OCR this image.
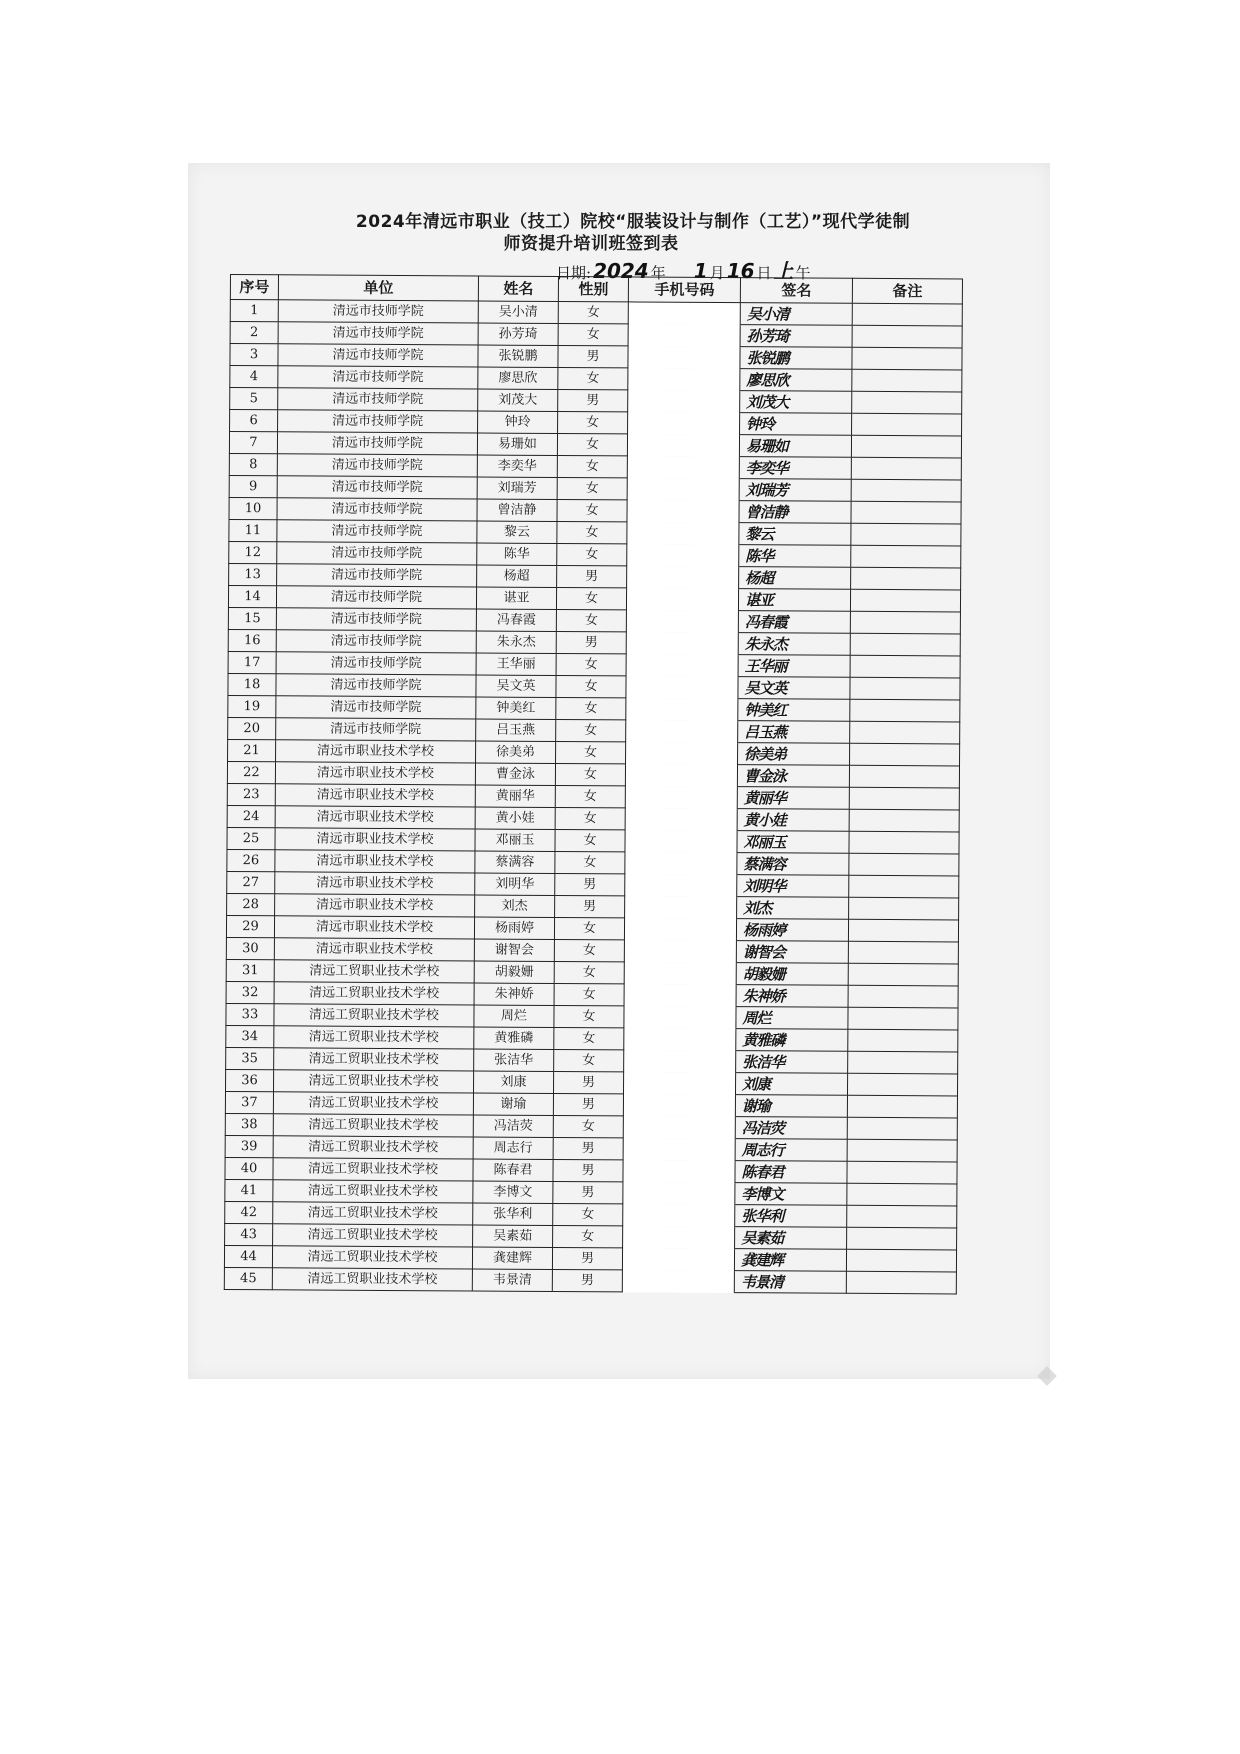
2024年清远市职业（技工）院校“服装设计与制作（工艺）”现代学徒制
师资提升培训班签到表
日期: 2024 年 1 月 16 日 上 午
序号	单位	姓名	性别	手机号码	签名	备注
1	清远市技师学院	吴小清	女		吴小清	
2	清远市技师学院	孙芳琦	女		孙芳琦	
3	清远市技师学院	张锐鹏	男		张锐鹏	
4	清远市技师学院	廖思欣	女		廖思欣	
5	清远市技师学院	刘茂大	男		刘茂大	
6	清远市技师学院	钟玲	女		钟玲	
7	清远市技师学院	易珊如	女		易珊如	
8	清远市技师学院	李奕华	女		李奕华	
9	清远市技师学院	刘瑞芳	女		刘瑞芳	
10	清远市技师学院	曾洁静	女		曾洁静	
11	清远市技师学院	黎云	女		黎云	
12	清远市技师学院	陈华	女		陈华	
13	清远市技师学院	杨超	男		杨超	
14	清远市技师学院	谌亚	女		谌亚	
15	清远市技师学院	冯春霞	女		冯春霞	
16	清远市技师学院	朱永杰	男		朱永杰	
17	清远市技师学院	王华丽	女		王华丽	
18	清远市技师学院	吴文英	女		吴文英	
19	清远市技师学院	钟美红	女		钟美红	
20	清远市技师学院	吕玉燕	女		吕玉燕	
21	清远市职业技术学校	徐美弟	女		徐美弟	
22	清远市职业技术学校	曹金泳	女		曹金泳	
23	清远市职业技术学校	黄丽华	女		黄丽华	
24	清远市职业技术学校	黄小娃	女		黄小娃	
25	清远市职业技术学校	邓丽玉	女		邓丽玉	
26	清远市职业技术学校	蔡满容	女		蔡满容	
27	清远市职业技术学校	刘明华	男		刘明华	
28	清远市职业技术学校	刘杰	男		刘杰	
29	清远市职业技术学校	杨雨婷	女		杨雨婷	
30	清远市职业技术学校	谢智会	女		谢智会	
31	清远工贸职业技术学校	胡毅姗	女		胡毅姗	
32	清远工贸职业技术学校	朱神娇	女		朱神娇	
33	清远工贸职业技术学校	周烂	女		周烂	
34	清远工贸职业技术学校	黄雅磷	女		黄雅磷	
35	清远工贸职业技术学校	张洁华	女		张洁华	
36	清远工贸职业技术学校	刘康	男		刘康	
37	清远工贸职业技术学校	谢瑜	男		谢瑜	
38	清远工贸职业技术学校	冯洁荧	女		冯洁荧	
39	清远工贸职业技术学校	周志行	男		周志行	
40	清远工贸职业技术学校	陈春君	男		陈春君	
41	清远工贸职业技术学校	李博文	男		李博文	
42	清远工贸职业技术学校	张华利	女		张华利	
43	清远工贸职业技术学校	吴素茹	女		吴素茹	
44	清远工贸职业技术学校	龚建辉	男		龚建辉	
45	清远工贸职业技术学校	韦景清	男		韦景清	
